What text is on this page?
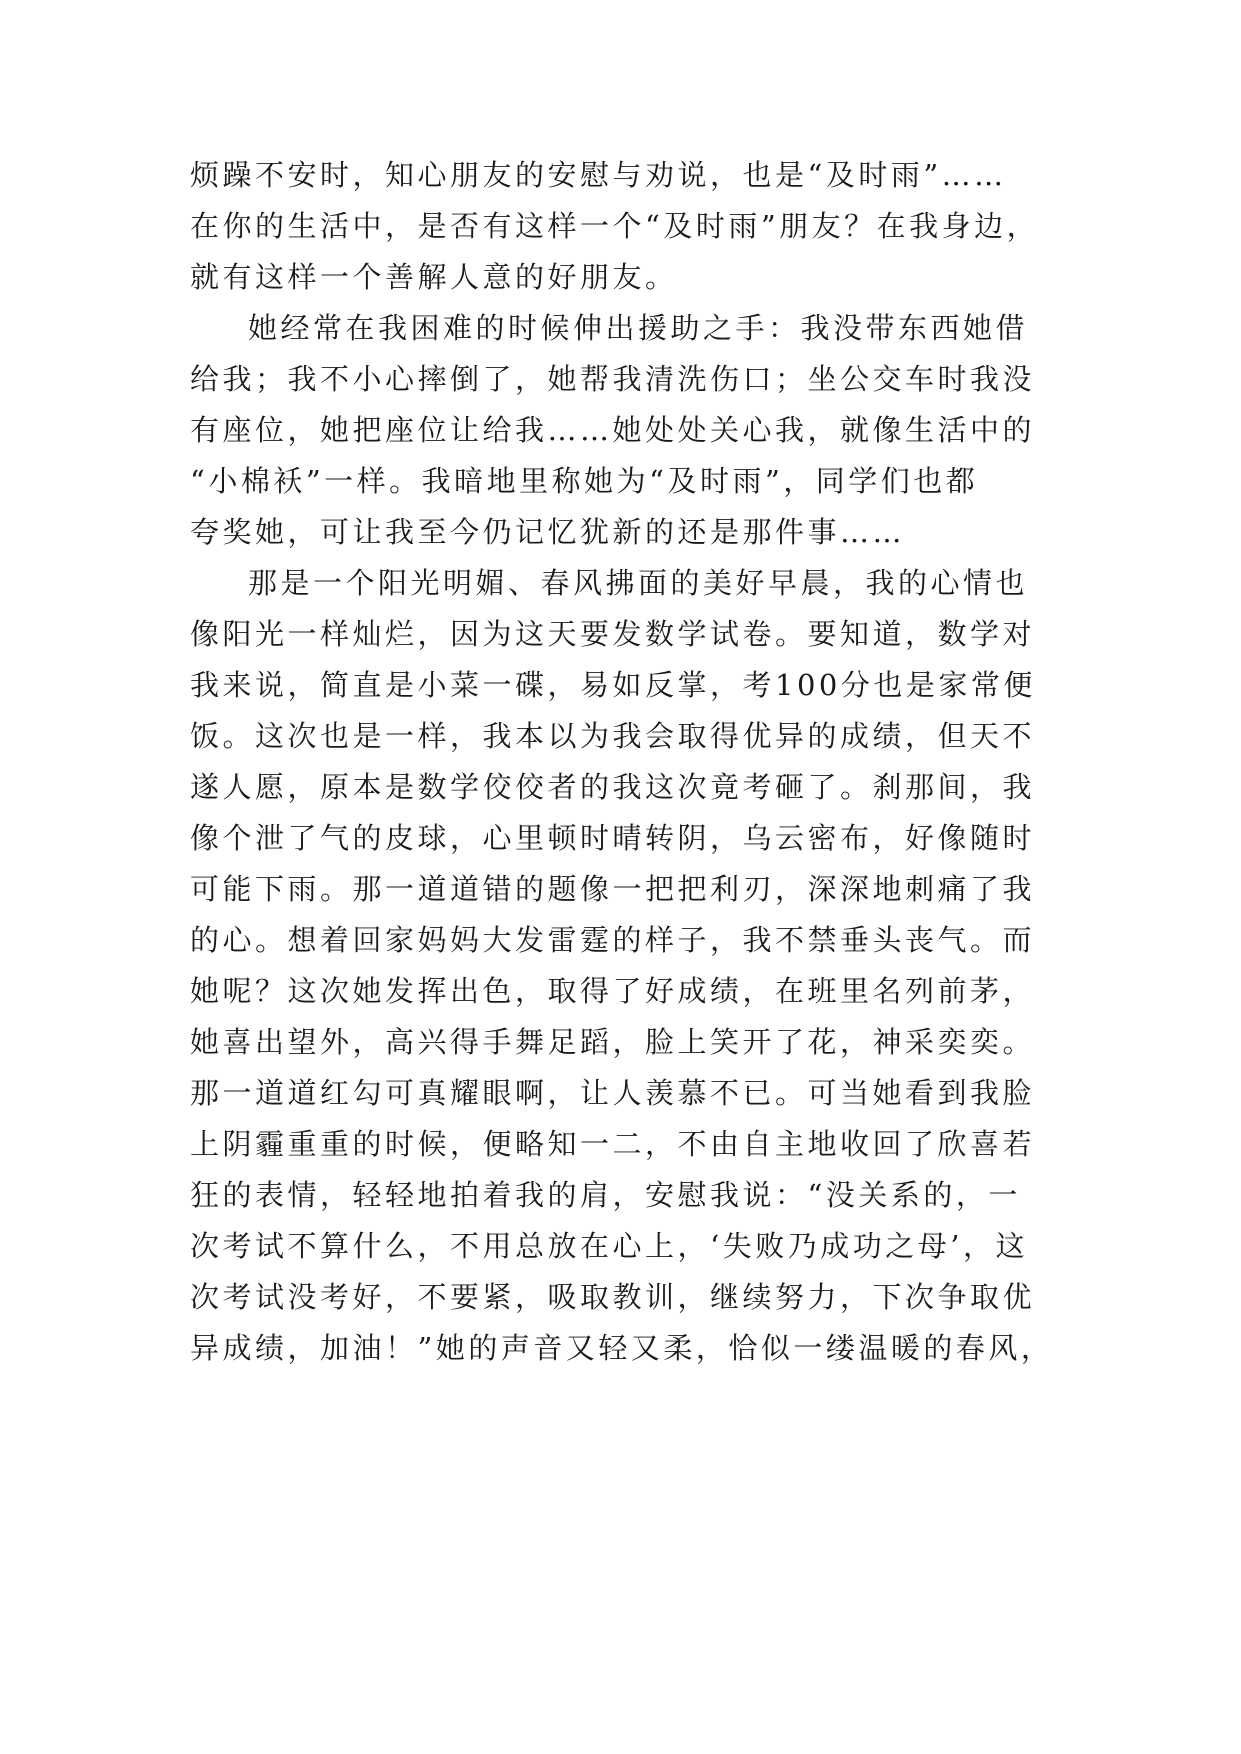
烦躁不安时，知心朋友的安慰与劝说，也是“及时雨”……
在你的生活中，是否有这样一个“及时雨”朋友？在我身边，
就有这样一个善解人意的好朋友。
她经常在我困难的时候伸出援助之手：我没带东西她借
给我；我不小心摔倒了，她帮我清洗伤口；坐公交车时我没
有座位，她把座位让给我……她处处关心我，就像生活中的
“小棉袄”一样。我暗地里称她为“及时雨”，同学们也都
夸奖她，可让我至今仍记忆犹新的还是那件事……
那是一个阳光明媚、春风拂面的美好早晨，我的心情也
像阳光一样灿烂，因为这天要发数学试卷。要知道，数学对
我来说，简直是小菜一碟，易如反掌，考100分也是家常便
饭。这次也是一样，我本以为我会取得优异的成绩，但天不
遂人愿，原本是数学佼佼者的我这次竟考砸了。刹那间，我
像个泄了气的皮球，心里顿时晴转阴，乌云密布，好像随时
可能下雨。那一道道错的题像一把把利刃，深深地刺痛了我
的心。想着回家妈妈大发雷霆的样子，我不禁垂头丧气。而
她呢？这次她发挥出色，取得了好成绩，在班里名列前茅，
她喜出望外，高兴得手舞足蹈，脸上笑开了花，神采奕奕。
那一道道红勾可真耀眼啊，让人羡慕不已。可当她看到我脸
上阴霾重重的时候，便略知一二，不由自主地收回了欣喜若
狂的表情，轻轻地拍着我的肩，安慰我说：“没关系的，一
次考试不算什么，不用总放在心上，‘失败乃成功之母’，这
次考试没考好，不要紧，吸取教训，继续努力，下次争取优
异成绩，加油！”她的声音又轻又柔，恰似一缕温暖的春风，
